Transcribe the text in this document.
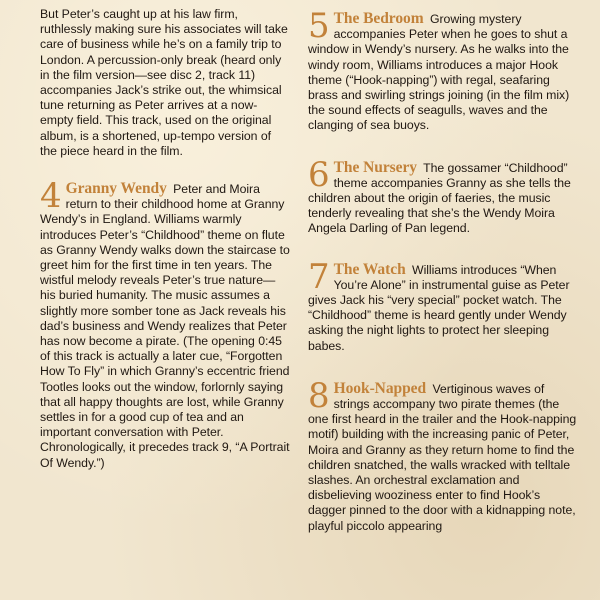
But Peter’s caught up at his law firm, ruthlessly making sure his associates will take care of business while he’s on a family trip to London. A percussion-only break (heard only in the film version—see disc 2, track 11) accompanies Jack’s strike out, the whimsical tune returning as Peter arrives at a now-empty field. This track, used on the original album, is a shortened, up-tempo version of the piece heard in the film.

4 Granny Wendy Peter and Moira return to their childhood home at Granny Wendy’s in England. Williams warmly introduces Peter’s “Childhood” theme on flute as Granny Wendy walks down the staircase to greet him for the first time in ten years. The wistful melody reveals Peter’s true nature—his buried humanity. The music assumes a slightly more somber tone as Jack reveals his dad’s business and Wendy realizes that Peter has now become a pirate. (The opening 0:45 of this track is actually a later cue, “Forgotten How To Fly” in which Granny’s eccentric friend Tootles looks out the window, forlornly saying that all happy thoughts are lost, while Granny settles in for a good cup of tea and an important conversation with Peter. Chronologically, it precedes track 9, “A Portrait Of Wendy.”)
5 The Bedroom Growing mystery accompanies Peter when he goes to shut a window in Wendy’s nursery. As he walks into the windy room, Williams introduces a major Hook theme (“Hook-napping”) with regal, seafaring brass and swirling strings joining (in the film mix) the sound effects of seagulls, waves and the clanging of sea buoys.
6 The Nursery The gossamer “Childhood” theme accompanies Granny as she tells the children about the origin of faeries, the music tenderly revealing that she’s the Wendy Moira Angela Darling of Pan legend.
7 The Watch Williams introduces “When You’re Alone” in instrumental guise as Peter gives Jack his “very special” pocket watch. The “Childhood” theme is heard gently under Wendy asking the night lights to protect her sleeping babes.
8 Hook-Napped Vertiginous waves of strings accompany two pirate themes (the one first heard in the trailer and the Hook-napping motif) building with the increasing panic of Peter, Moira and Granny as they return home to find the children snatched, the walls wracked with telltale slashes. An orchestral exclamation and disbelieving wooziness enter to find Hook’s dagger pinned to the door with a kidnapping note, playful piccolo appearing
